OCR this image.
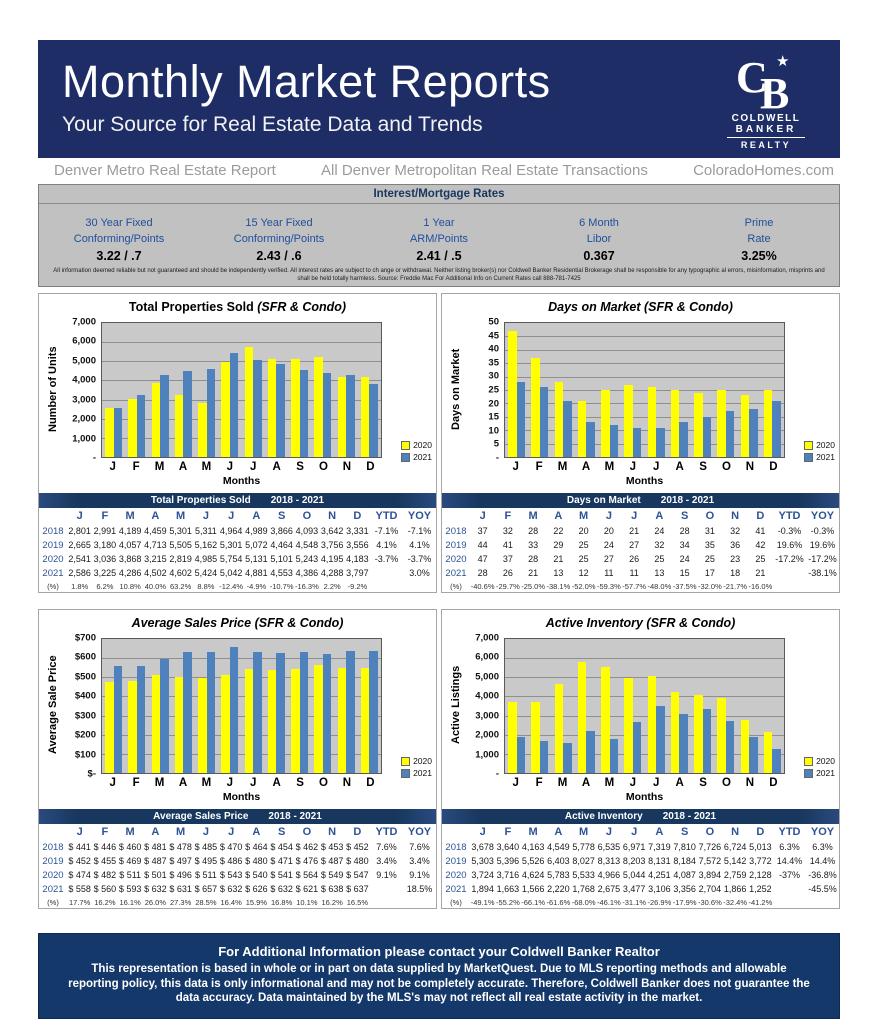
Monthly Market Reports
Your Source for Real Estate Data and Trends
★
C
B
COLDWELL
BANKER
REALTY
Denver Metro Real Estate Report	All Denver Metropolitan Real Estate Transactions	ColoradoHomes.com
Interest/Mortgage Rates
30 Year Fixed
Conforming/Points
3.22 / .7
15 Year Fixed
Conforming/Points
2.43 / .6
1 Year
ARM/Points
2.41 / .5
6 Month
Libor
0.367
Prime
Rate
3.25%
All information deemed reliable but not guaranteed and should be independently verified. All interest rates are subject to ch ange or withdrawal. Neither listing broker(s) nor Coldwell Banker Residential Brokerage shall be responsible for any typographic al errors, misinformation, misprints and shall be held totally harmless. Source: Freddie Mac For Additional Info on Current Rates call 888-781-7425
Total Properties Sold (SFR & Condo)
Number of Units
7,000
6,000
5,000
4,000
3,000
2,000
1,000
-
J	F	M	A	M	J	J	A	S	O	N	D
Months
2020
2021
Total Properties Sold 2018 - 2021
	J	F	M	A	M	J	J	A	S	O	N	D	YTD	YOY
2018	2,801	2,991	4,189	4,459	5,301	5,311	4,964	4,989	3,866	4,093	3,642	3,331	-7.1%	-7.1%
2019	2,665	3,180	4,057	4,713	5,505	5,162	5,301	5,072	4,464	4,548	3,756	3,556	4.1%	4.1%
2020	2,541	3,036	3,868	3,215	2,819	4,985	5,754	5,131	5,101	5,243	4,195	4,183	-3.7%	-3.7%
2021	2,586	3,225	4,286	4,502	4,602	5,424	5,042	4,881	4,553	4,386	4,288	3,797		3.0%
(%)	1.8%	6.2%	10.8%	40.0%	63.2%	8.8%	-12.4%	-4.9%	-10.7%	-16.3%	2.2%	-9.2%		
Days on Market (SFR & Condo)
Days on Market
50
45
40
35
30
25
20
15
10
5
-
J	F	M	A	M	J	J	A	S	O	N	D
Months
2020
2021
Days on Market 2018 - 2021
	J	F	M	A	M	J	J	A	S	O	N	D	YTD	YOY
2018	37	32	28	22	20	20	21	24	28	31	32	41	-0.3%	-0.3%
2019	44	41	33	29	25	24	27	32	34	35	36	42	19.6%	19.6%
2020	47	37	28	21	25	27	26	25	24	25	23	25	-17.2%	-17.2%
2021	28	26	21	13	12	11	11	13	15	17	18	21		-38.1%
(%)	-40.6%	-29.7%	-25.0%	-38.1%	-52.0%	-59.3%	-57.7%	-48.0%	-37.5%	-32.0%	-21.7%	-16.0%		
Average Sales Price (SFR & Condo)
Average Sale Price
$700
$600
$500
$400
$300
$200
$100
$-
J	F	M	A	M	J	J	A	S	O	N	D
Months
2020
2021
Average Sales Price 2018 - 2021
	J	F	M	A	M	J	J	A	S	O	N	D	YTD	YOY
2018	$ 441	$ 446	$ 460	$ 481	$ 478	$ 485	$ 470	$ 464	$ 454	$ 462	$ 453	$ 452	7.6%	7.6%
2019	$ 452	$ 455	$ 469	$ 487	$ 497	$ 495	$ 486	$ 480	$ 471	$ 476	$ 487	$ 480	3.4%	3.4%
2020	$ 474	$ 482	$ 511	$ 501	$ 496	$ 511	$ 543	$ 540	$ 541	$ 564	$ 549	$ 547	9.1%	9.1%
2021	$ 558	$ 560	$ 593	$ 632	$ 631	$ 657	$ 632	$ 626	$ 632	$ 621	$ 638	$ 637		18.5%
(%)	17.7%	16.2%	16.1%	26.0%	27.3%	28.5%	16.4%	15.9%	16.8%	10.1%	16.2%	16.5%		
Active Inventory (SFR & Condo)
Active Listings
7,000
6,000
5,000
4,000
3,000
2,000
1,000
-
J	F	M	A	M	J	J	A	S	O	N	D
Months
2020
2021
Active Inventory 2018 - 2021
	J	F	M	A	M	J	J	A	S	O	N	D	YTD	YOY
2018	3,678	3,640	4,163	4,549	5,778	6,535	6,971	7,319	7,810	7,726	6,724	5,013	6.3%	6.3%
2019	5,303	5,396	5,526	6,403	8,027	8,313	8,203	8,131	8,184	7,572	5,142	3,772	14.4%	14.4%
2020	3,724	3,716	4,624	5,783	5,533	4,966	5,044	4,251	4,087	3,894	2,759	2,128	-37%	-36.8%
2021	1,894	1,663	1,566	2,220	1,768	2,675	3,477	3,106	3,356	2,704	1,866	1,252		-45.5%
(%)	-49.1%	-55.2%	-66.1%	-61.6%	-68.0%	-46.1%	-31.1%	-26.9%	-17.9%	-30.6%	-32.4%	-41.2%		
For Additional Information please contact your Coldwell Banker Realtor
This representation is based in whole or in part on data supplied by MarketQuest. Due to MLS reporting methods and allowable reporting policy, this data is only informational and may not be completely accurate. Therefore, Coldwell Banker does not guarantee the data accuracy. Data maintained by the MLS's may not reflect all real estate activity in the market.
